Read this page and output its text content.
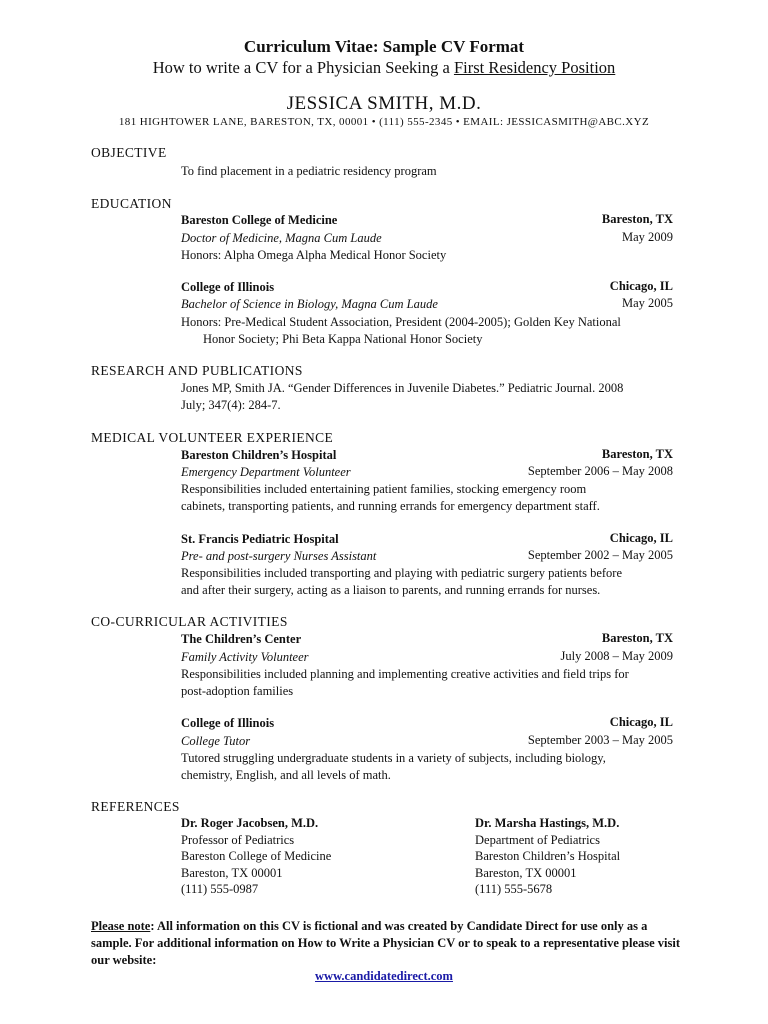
Curriculum Vitae: Sample CV Format
How to write a CV for a Physician Seeking a First Residency Position
JESSICA SMITH, M.D.
181 HIGHTOWER LANE, BARESTON, TX, 00001 • (111) 555-2345 • EMAIL: JESSICASMITH@ABC.XYZ
OBJECTIVE
To find placement in a pediatric residency program
EDUCATION
Bareston College of Medicine	Bareston, TX
Doctor of Medicine, Magna Cum Laude	May 2009
Honors: Alpha Omega Alpha Medical Honor Society
College of Illinois	Chicago, IL
Bachelor of Science in Biology, Magna Cum Laude	May 2005
Honors: Pre-Medical Student Association, President (2004-2005); Golden Key National
Honor Society; Phi Beta Kappa National Honor Society
RESEARCH AND PUBLICATIONS
Jones MP, Smith JA. “Gender Differences in Juvenile Diabetes.” Pediatric Journal. 2008
July; 347(4): 284-7.
MEDICAL VOLUNTEER EXPERIENCE
Bareston Children’s Hospital	Bareston, TX
Emergency Department Volunteer	September 2006 – May 2008
Responsibilities included entertaining patient families, stocking emergency room
cabinets, transporting patients, and running errands for emergency department staff.
St. Francis Pediatric Hospital	Chicago, IL
Pre- and post-surgery Nurses Assistant	September 2002 – May 2005
Responsibilities included transporting and playing with pediatric surgery patients before
and after their surgery, acting as a liaison to parents, and running errands for nurses.
CO-CURRICULAR ACTIVITIES
The Children’s Center	Bareston, TX
Family Activity Volunteer	July 2008 – May 2009
Responsibilities included planning and implementing creative activities and field trips for
post-adoption families
College of Illinois	Chicago, IL
College Tutor	September 2003 – May 2005
Tutored struggling undergraduate students in a variety of subjects, including biology,
chemistry, English, and all levels of math.
REFERENCES
Dr. Roger Jacobsen, M.D.
Professor of Pediatrics
Bareston College of Medicine
Bareston, TX 00001
(111) 555-0987
Dr. Marsha Hastings, M.D.
Department of Pediatrics
Bareston Children’s Hospital
Bareston, TX 00001
(111) 555-5678
Please note: All information on this CV is fictional and was created by Candidate Direct for use only as a sample. For additional information on How to Write a Physician CV or to speak to a representative please visit our website:
www.candidatedirect.com
